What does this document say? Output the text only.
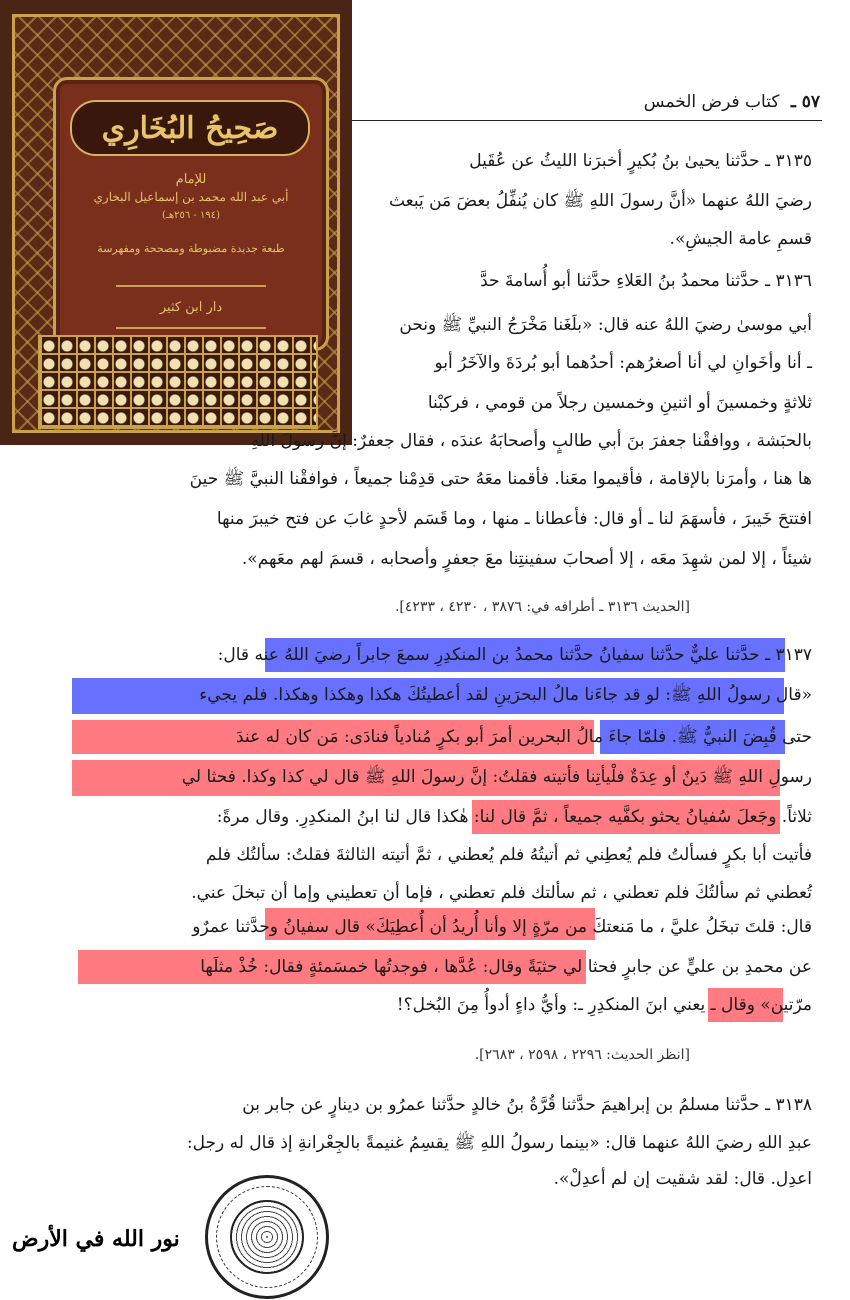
صَحِيحُ البُخَارِي
للإمام
أبي عبد الله محمد بن إسماعيل البخاري
(١٩٤ - ٢٥٦هـ)
طبعة جديدة مضبوطة ومصححة ومفهرسة
دار ابن كثير
٥٧ ـ كتاب فرض الخمس
٣١٣٥ ـ حدَّثنا يحيىٰ بنُ بُكيرٍ أخبرَنا الليثُ عن عُقَيل
رضيَ اللهُ عنهما «أنَّ رسولَ اللهِ ﷺ كان يُنفِّلُ بعضَ مَن يَبعث
قسمِ عامة الجيشِ».
٣١٣٦ ـ حدَّثنا محمدُ بنُ العَلاءِ حدَّثنا أبو أُسامةَ حدَّ
أبي موسىٰ رضيَ اللهُ عنه قال: «بلَغَنا مَخْرَجُ النبيِّ ﷺ ونحن
ـ أنا وأخَوانِ لي أنا أصغرُهم: أحدُهما أبو بُردَةَ والآخَرُ أبو
ثلاثةٍ وخمسينَ أو اثنينِ وخمسين رجلاً من قومي ، فركبْنا
بالحبَشة ، ووافقْنا جعفرَ بنَ أبي طالبٍ وأصحابَهُ عندَه ، فقال جعفرٌ: إنَّ رسولَ اللهِ
ها هنا ، وأمرَنا بالإقامة ، فأقيموا معَنا. فأقمنا معَهُ حتى قدِمْنا جميعاً ، فوافقْنا النبيَّ ﷺ حينَ
افتتحَ خَيبرَ ، فأسهَمَ لنا ـ أو قال: فأعطانا ـ منها ، وما قَسَم لأحدٍ غابَ عن فتح خيبرَ منها
شيئاً ، إلا لمن شهِدَ معَه ، إلا أصحابَ سفينتِنا معَ جعفرٍ وأصحابه ، قسمَ لهم معَهم».
[الحديث ٣١٣٦ ـ أطرافه في: ٣٨٧٦ ، ٤٢٣٠ ، ٤٢٣٣].
٣١٣٧ ـ حدَّثنا عليٌّ حدَّثنا سفيانُ حدَّثنا محمدُ بن المنكدِرِ سمعَ جابراً رضيَ اللهُ عنه قال:
«قال رسولُ اللهِ ﷺ: لو قد جاءَنا مالُ البحرَينِ لقد أعطيتُكَ هكذا وهكذا وهكذا. فلم يجيء
حتى قُبِضَ النبيُّ ﷺ. فلمّا جاءَ مالُ البحرين أمرَ أبو بكرٍ مُنادياً فنادَى: مَن كان له عندَ
رسولِ اللهِ ﷺ دَينٌ أو عِدَةٌ فلْيأتِنا فأتيته فقلتُ: إنَّ رسولَ اللهِ ﷺ قال لي كذا وكذا. فحثا لي
ثلاثاً. وجَعلَ سُفيانُ يحثو بكفَّيه جميعاً ، ثمَّ قال لنا: هٰكذا قال لنا ابنُ المنكدِرِ. وقال مرةً:
فأتيت أبا بكرٍ فسألتُ فلم يُعطِني ثم أتيتُهُ فلم يُعطني ، ثمَّ أتيته الثالثةَ فقلتُ: سألتُك فلم
تُعطني ثم سألتُكَ فلم تعطني ، ثم سألتك فلم تعطني ، فإما أن تعطيني وإما أن تبخلَ عني.
قال: قلتَ تبخَلُ عليَّ ، ما مَنعتكَ من مرّةٍ إلا وأنا أُريدُ أن أُعطِيَكَ» قال سفيانُ وحدَّثنا عمرٌو
عن محمدِ بن عليٍّ عن جابرٍ فحثا لي حثيَةً وقال: عُدَّها ، فوجدتُها خمسَمئةٍ فقال: خُذْ مثلَها
مرّتين» وقال ـ يعني ابنَ المنكدِرِ ـ: وأيُّ داءٍ أدوأُ مِنَ البُخل؟!
[انظر الحديث: ٢٢٩٦ ، ٢٥٩٨ ، ٢٦٨٣].
٣١٣٨ ـ حدَّثنا مسلمُ بن إبراهيمَ حدَّثنا قُرَّةُ بنُ خالدٍ حدَّثنا عمرُو بن دينارٍ عن جابر بن
عبدِ اللهِ رضيَ اللهُ عنهما قال: «بينما رسولُ اللهِ ﷺ يقسِمُ غنيمةً بالجِعْرانةِ إذ قال له رجل:
اعدِل. قال: لقد شقيت إن لم أعدِلْ».
نور الله في الأرض
